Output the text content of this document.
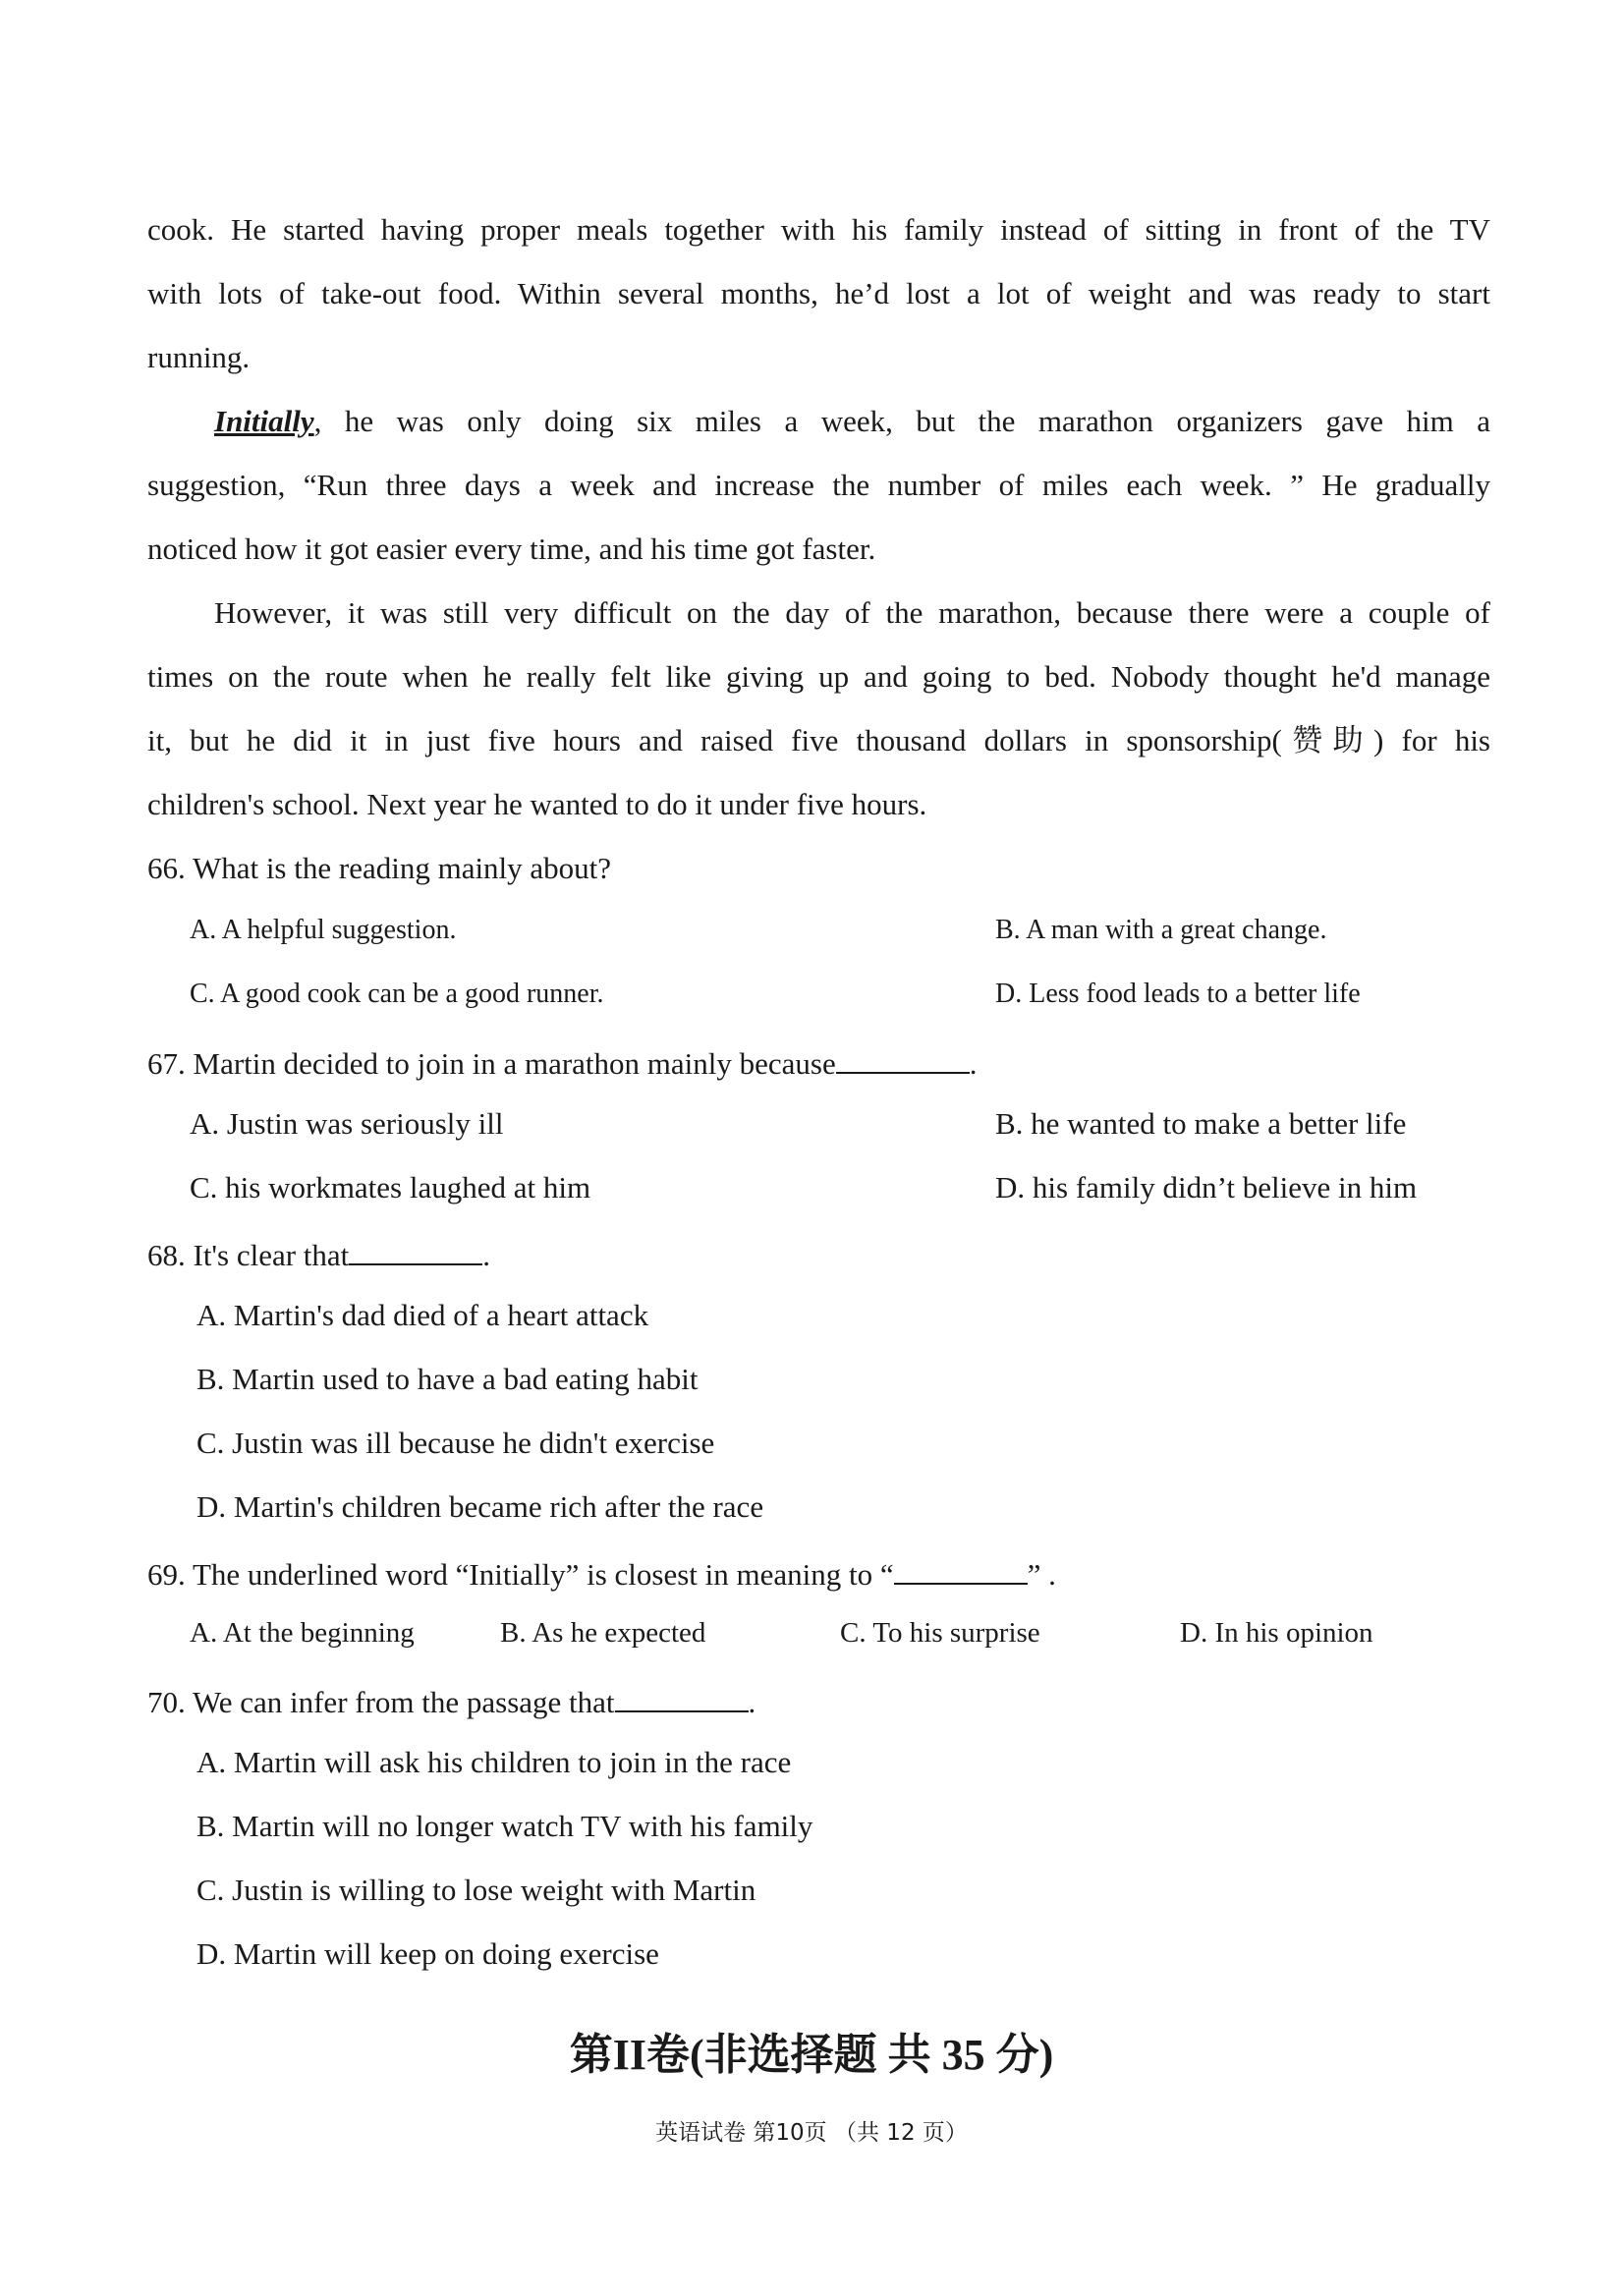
cook. He started having proper meals together with his family instead of sitting in front of the TV
with lots of take-out food. Within several months, he’d lost a lot of weight and was ready to start
running.
Initially, he was only doing six miles a week, but the marathon organizers gave him a
suggestion, “Run three days a week and increase the number of miles each week. ” He gradually
noticed how it got easier every time, and his time got faster.
However, it was still very difficult on the day of the marathon, because there were a couple of
times on the route when he really felt like giving up and going to bed. Nobody thought he'd manage
it, but he did it in just five hours and raised five thousand dollars in sponsorship(赞助) for his
children's school. Next year he wanted to do it under five hours.
66. What is the reading mainly about?
A. A helpful suggestion.	B. A man with a great change.
C. A good cook can be a good runner.	D. Less food leads to a better life
67. Martin decided to join in a marathon mainly because	.
A. Justin was seriously ill	B. he wanted to make a better life
C. his workmates laughed at him	D. his family didn’t believe in him
68. It's clear that	.
A. Martin's dad died of a heart attack
B. Martin used to have a bad eating habit
C. Justin was ill because he didn't exercise
D. Martin's children became rich after the race
69. The underlined word “Initially” is closest in meaning to “	” .
A. At the beginning	B. As he expected	C. To his surprise	D. In his opinion
70. We can infer from the passage that	.
A. Martin will ask his children to join in the race
B. Martin will no longer watch TV with his family
C. Justin is willing to lose weight with Martin
D. Martin will keep on doing exercise
第II卷(非选择题 共 35 分)
英语试卷 第10页 （共 12 页）
